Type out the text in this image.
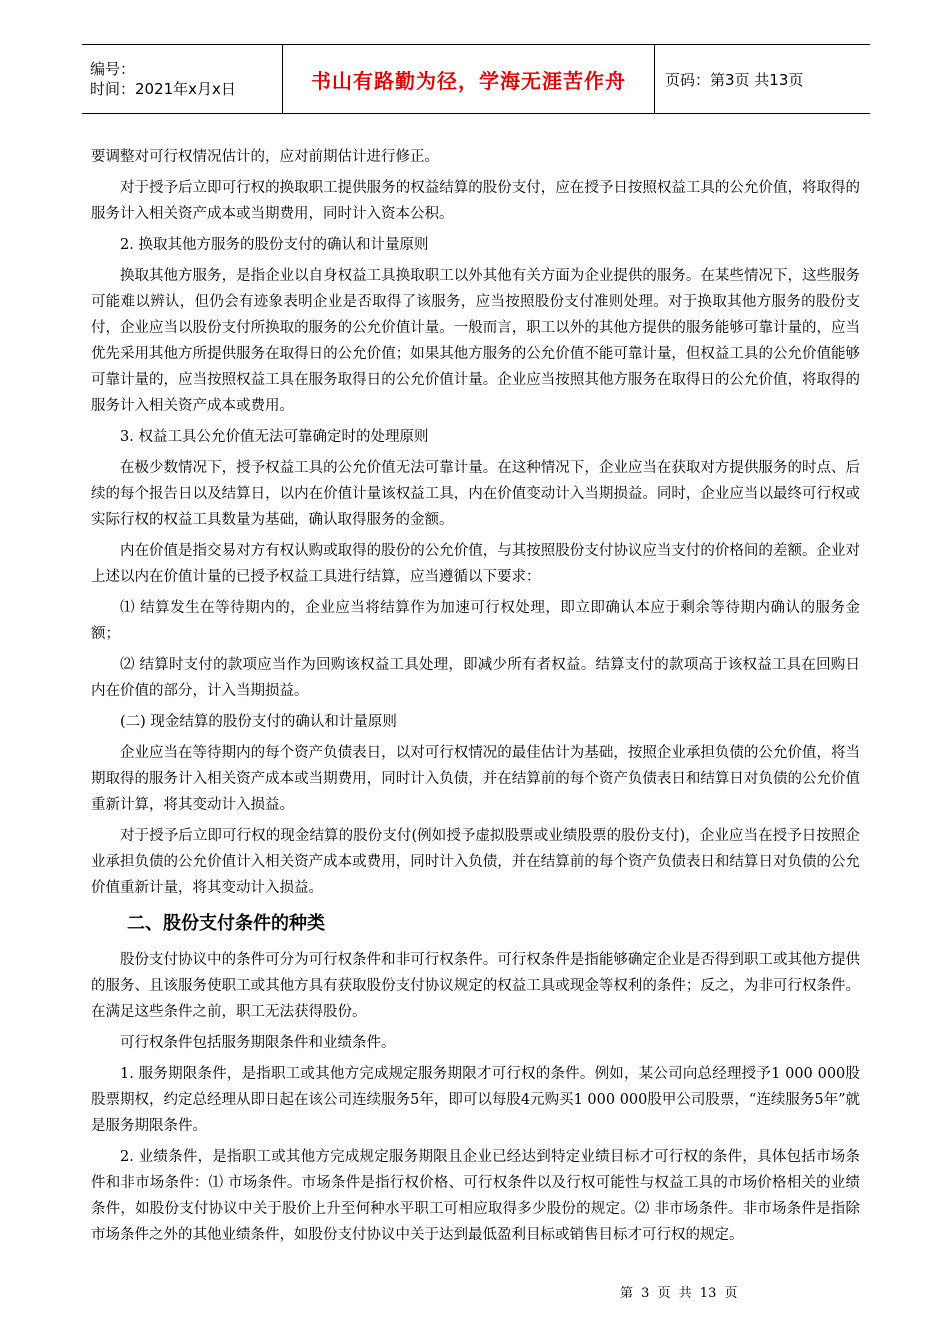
编号：
时间：2021年x月x日	书山有路勤为径，学海无涯苦作舟	页码：第3页 共13页

要调整对可行权情况估计的，应对前期估计进行修正。

对于授予后立即可行权的换取职工提供服务的权益结算的股份支付，应在授予日按照权益工具的公允价值，将取得的服务计入相关资产成本或当期费用，同时计入资本公积。

2. 换取其他方服务的股份支付的确认和计量原则

换取其他方服务，是指企业以自身权益工具换取职工以外其他有关方面为企业提供的服务。在某些情况下，这些服务可能难以辨认，但仍会有迹象表明企业是否取得了该服务，应当按照股份支付准则处理。对于换取其他方服务的股份支付，企业应当以股份支付所换取的服务的公允价值计量。一般而言，职工以外的其他方提供的服务能够可靠计量的，应当优先采用其他方所提供服务在取得日的公允价值；如果其他方服务的公允价值不能可靠计量，但权益工具的公允价值能够可靠计量的，应当按照权益工具在服务取得日的公允价值计量。企业应当按照其他方服务在取得日的公允价值，将取得的服务计入相关资产成本或费用。

3. 权益工具公允价值无法可靠确定时的处理原则

在极少数情况下，授予权益工具的公允价值无法可靠计量。在这种情况下，企业应当在获取对方提供服务的时点、后续的每个报告日以及结算日，以内在价值计量该权益工具，内在价值变动计入当期损益。同时，企业应当以最终可行权或实际行权的权益工具数量为基础，确认取得服务的金额。

内在价值是指交易对方有权认购或取得的股份的公允价值，与其按照股份支付协议应当支付的价格间的差额。企业对上述以内在价值计量的已授予权益工具进行结算，应当遵循以下要求：

⑴ 结算发生在等待期内的，企业应当将结算作为加速可行权处理，即立即确认本应于剩余等待期内确认的服务金额；

⑵ 结算时支付的款项应当作为回购该权益工具处理，即减少所有者权益。结算支付的款项高于该权益工具在回购日内在价值的部分，计入当期损益。

(二) 现金结算的股份支付的确认和计量原则

企业应当在等待期内的每个资产负债表日，以对可行权情况的最佳估计为基础，按照企业承担负债的公允价值，将当期取得的服务计入相关资产成本或当期费用，同时计入负债，并在结算前的每个资产负债表日和结算日对负债的公允价值重新计算，将其变动计入损益。

对于授予后立即可行权的现金结算的股份支付(例如授予虚拟股票或业绩股票的股份支付)，企业应当在授予日按照企业承担负债的公允价值计入相关资产成本或费用，同时计入负债，并在结算前的每个资产负债表日和结算日对负债的公允价值重新计量，将其变动计入损益。

二、股份支付条件的种类

股份支付协议中的条件可分为可行权条件和非可行权条件。可行权条件是指能够确定企业是否得到职工或其他方提供的服务、且该服务使职工或其他方具有获取股份支付协议规定的权益工具或现金等权利的条件；反之，为非可行权条件。在满足这些条件之前，职工无法获得股份。

可行权条件包括服务期限条件和业绩条件。

1. 服务期限条件，是指职工或其他方完成规定服务期限才可行权的条件。例如，某公司向总经理授予1 000 000股股票期权，约定总经理从即日起在该公司连续服务5年，即可以每股4元购买1 000 000股甲公司股票，“连续服务5年”就是服务期限条件。

2. 业绩条件，是指职工或其他方完成规定服务期限且企业已经达到特定业绩目标才可行权的条件，具体包括市场条件和非市场条件：⑴ 市场条件。市场条件是指行权价格、可行权条件以及行权可能性与权益工具的市场价格相关的业绩条件，如股份支付协议中关于股价上升至何种水平职工可相应取得多少股份的规定。⑵ 非市场条件。非市场条件是指除市场条件之外的其他业绩条件，如股份支付协议中关于达到最低盈利目标或销售目标才可行权的规定。

第 3 页 共 13 页
